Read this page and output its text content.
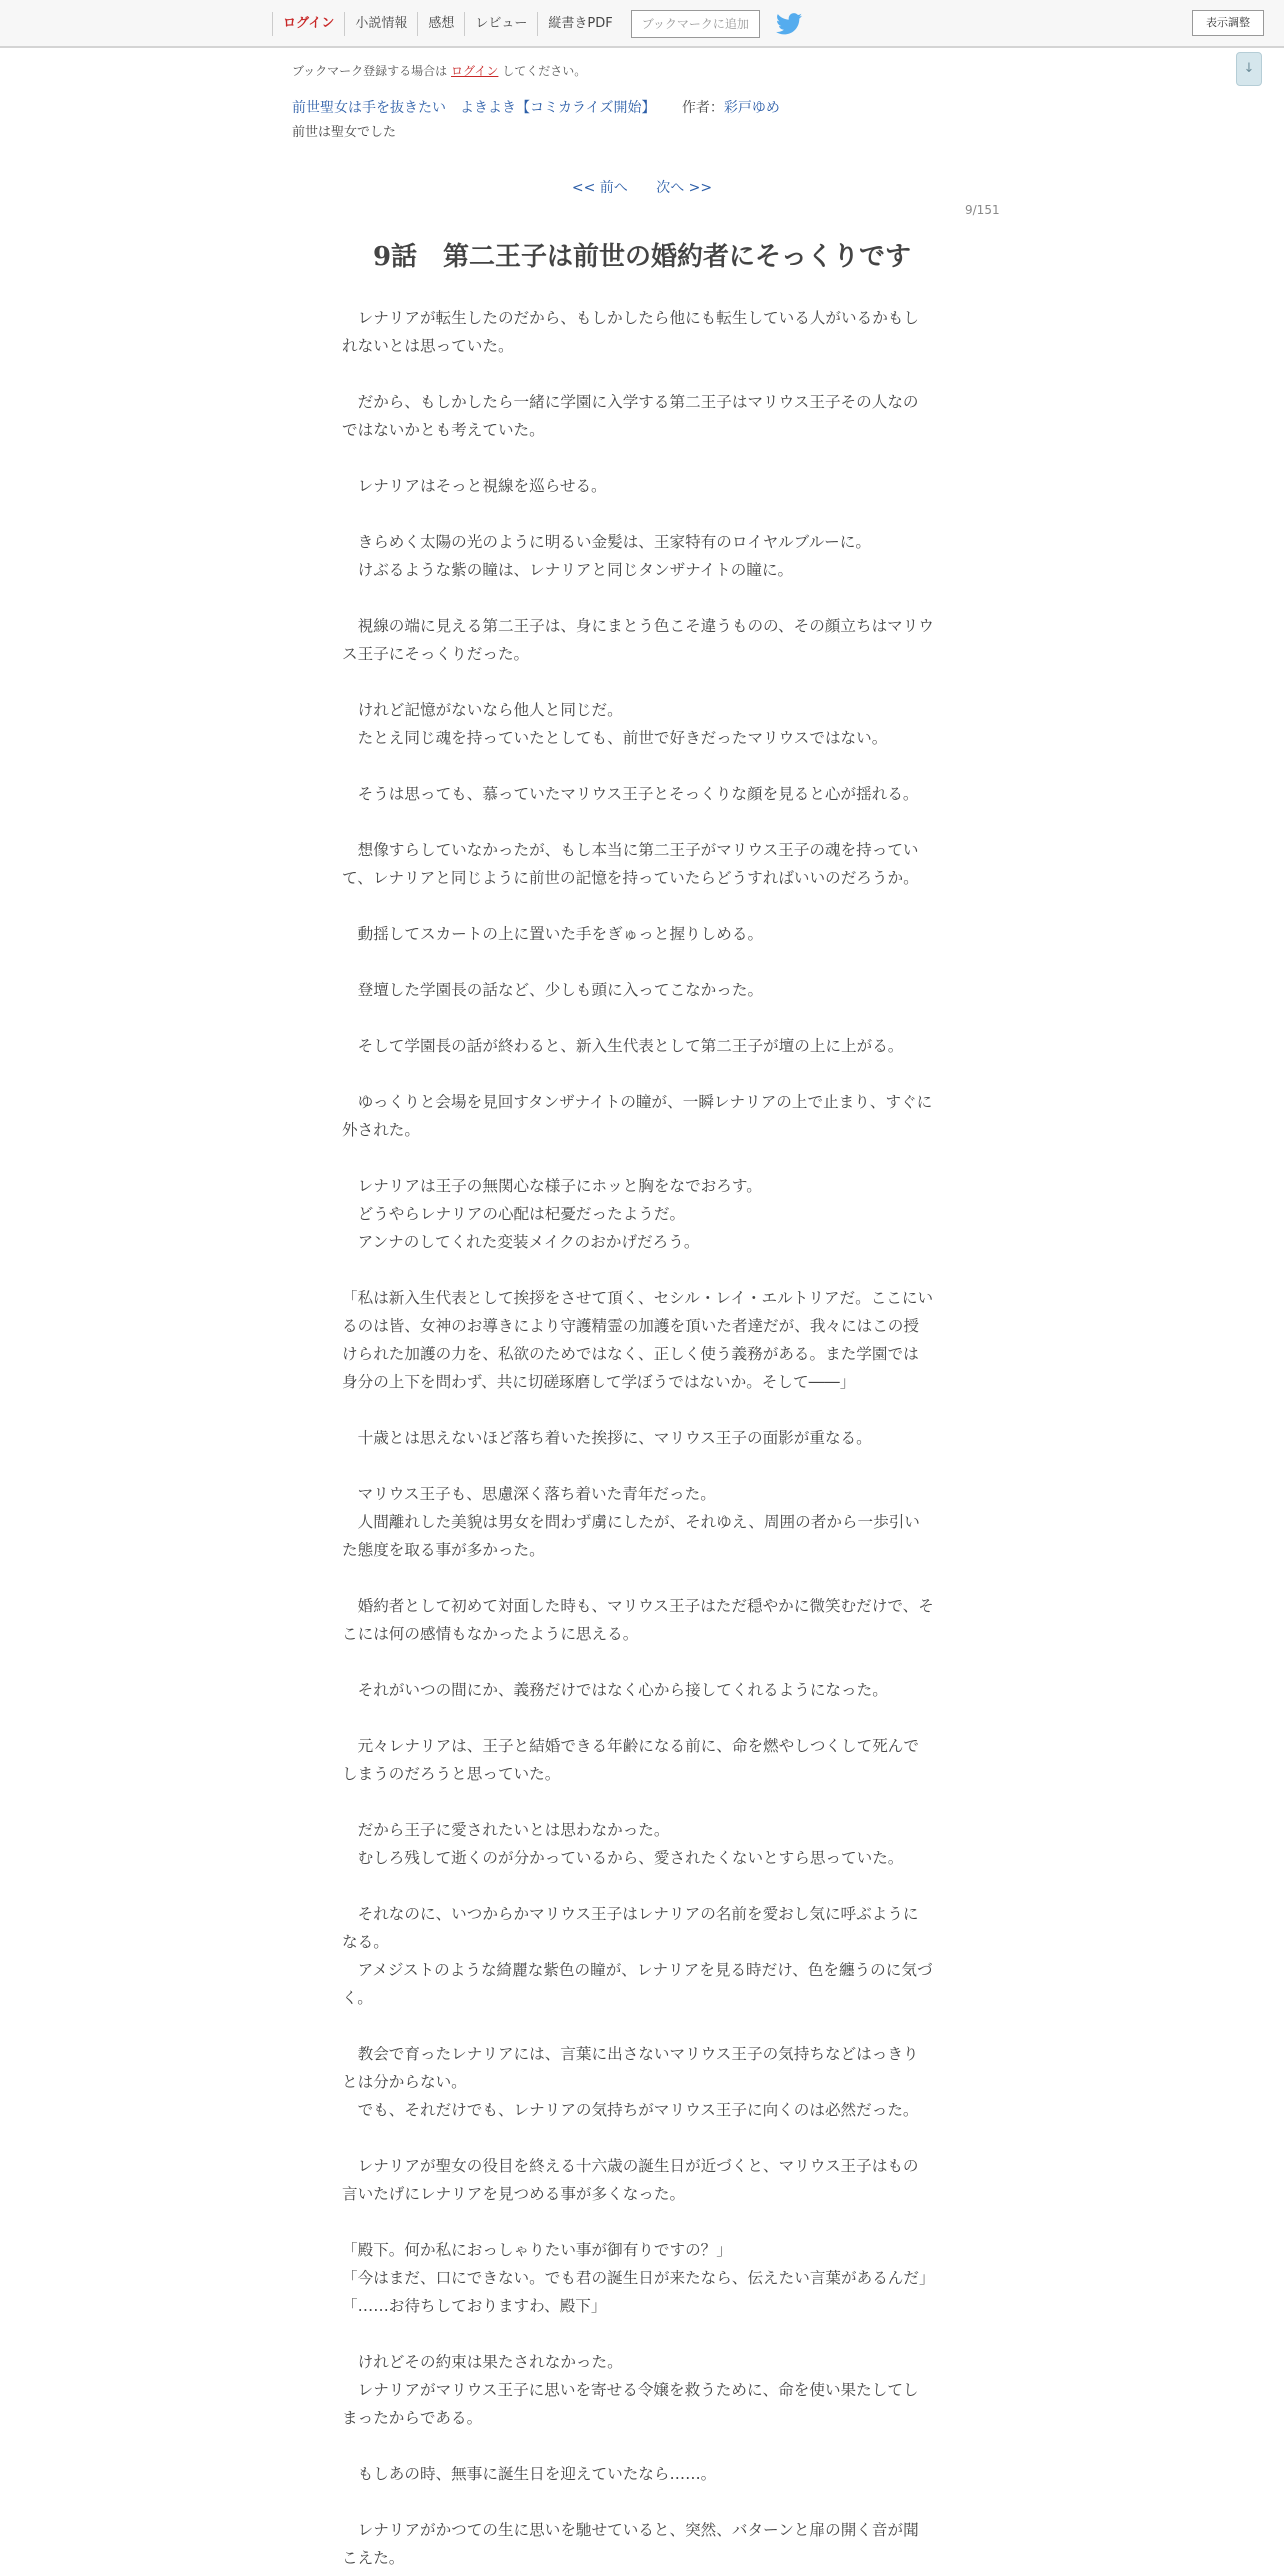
ログイン	小説情報	感想	レビュー	縦書きPDF	ブックマークに追加	表示調整
↓
ブックマーク登録する場合は ログイン してください。
前世聖女は手を抜きたい　よきよき【コミカライズ開始】 作者：彩戸ゆめ
前世は聖女でした
<< 前へ 次へ >>
9/151
9話　第二王子は前世の婚約者にそっくりです

　レナリアが転生したのだから、もしかしたら他にも転生している人がいるかもしれないとは思っていた。

　だから、もしかしたら一緒に学園に入学する第二王子はマリウス王子その人なのではないかとも考えていた。

　レナリアはそっと視線を巡らせる。

　きらめく太陽の光のように明るい金髪は、王家特有のロイヤルブルーに。

　けぶるような紫の瞳は、レナリアと同じタンザナイトの瞳に。

　視線の端に見える第二王子は、身にまとう色こそ違うものの、その顔立ちはマリウス王子にそっくりだった。

　けれど記憶がないなら他人と同じだ。

　たとえ同じ魂を持っていたとしても、前世で好きだったマリウスではない。

　そうは思っても、慕っていたマリウス王子とそっくりな顔を見ると心が揺れる。

　想像すらしていなかったが、もし本当に第二王子がマリウス王子の魂を持っていて、レナリアと同じように前世の記憶を持っていたらどうすればいいのだろうか。

　動揺してスカートの上に置いた手をぎゅっと握りしめる。

　登壇した学園長の話など、少しも頭に入ってこなかった。

　そして学園長の話が終わると、新入生代表として第二王子が壇の上に上がる。

　ゆっくりと会場を見回すタンザナイトの瞳が、一瞬レナリアの上で止まり、すぐに外された。

　レナリアは王子の無関心な様子にホッと胸をなでおろす。

　どうやらレナリアの心配は杞憂だったようだ。

　アンナのしてくれた変装メイクのおかげだろう。

「私は新入生代表として挨拶をさせて頂く、セシル・レイ・エルトリアだ。ここにいるのは皆、女神のお導きにより守護精霊の加護を頂いた者達だが、我々にはこの授けられた加護の力を、私欲のためではなく、正しく使う義務がある。また学園では身分の上下を問わず、共に切磋琢磨して学ぼうではないか。そして――」

　十歳とは思えないほど落ち着いた挨拶に、マリウス王子の面影が重なる。

　マリウス王子も、思慮深く落ち着いた青年だった。

　人間離れした美貌は男女を問わず虜にしたが、それゆえ、周囲の者から一歩引いた態度を取る事が多かった。

　婚約者として初めて対面した時も、マリウス王子はただ穏やかに微笑むだけで、そこには何の感情もなかったように思える。

　それがいつの間にか、義務だけではなく心から接してくれるようになった。

　元々レナリアは、王子と結婚できる年齢になる前に、命を燃やしつくして死んでしまうのだろうと思っていた。

　だから王子に愛されたいとは思わなかった。

　むしろ残して逝くのが分かっているから、愛されたくないとすら思っていた。

　それなのに、いつからかマリウス王子はレナリアの名前を愛おし気に呼ぶようになる。

　アメジストのような綺麗な紫色の瞳が、レナリアを見る時だけ、色を纏うのに気づく。

　教会で育ったレナリアには、言葉に出さないマリウス王子の気持ちなどはっきりとは分からない。

　でも、それだけでも、レナリアの気持ちがマリウス王子に向くのは必然だった。

　レナリアが聖女の役目を終える十六歳の誕生日が近づくと、マリウス王子はもの言いたげにレナリアを見つめる事が多くなった。

「殿下。何か私におっしゃりたい事が御有りですの？」

「今はまだ、口にできない。でも君の誕生日が来たなら、伝えたい言葉があるんだ」

「……お待ちしておりますわ、殿下」

　けれどその約束は果たされなかった。

　レナリアがマリウス王子に思いを寄せる令嬢を救うために、命を使い果たしてしまったからである。

　もしあの時、無事に誕生日を迎えていたなら……。

　レナリアがかつての生に思いを馳せていると、突然、バターンと扉の開く音が聞こえた。
